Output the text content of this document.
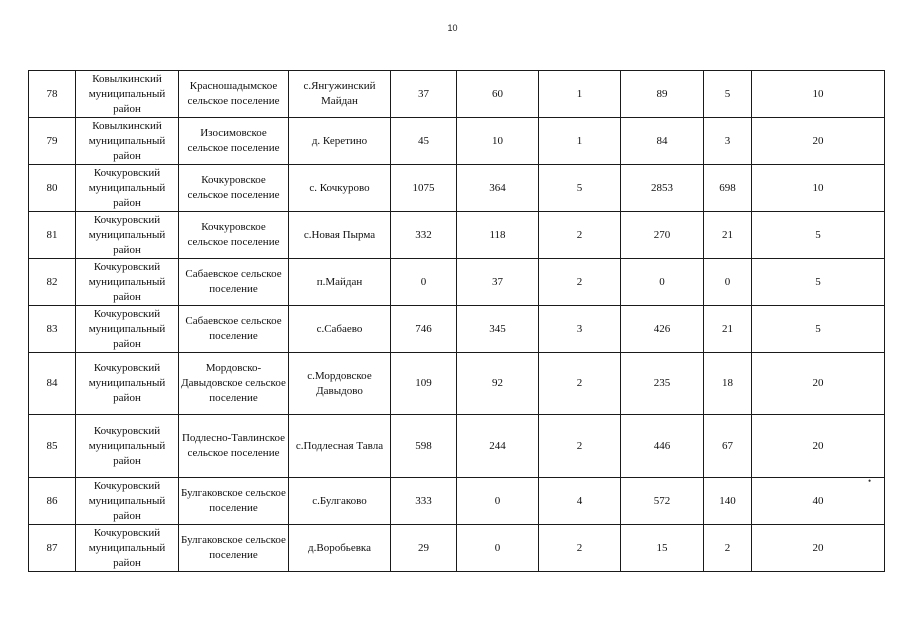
10
78	Ковылкинский муниципальный район	Красношадымское сельское поселение	с.Янгужинский Майдан	37	60	1	89	5	10
79	Ковылкинский муниципальный район	Изосимовское сельское поселение	д. Керетино	45	10	1	84	3	20
80	Кочкуровский муниципальный район	Кочкуровское сельское поселение	с. Кочкурово	1075	364	5	2853	698	10
81	Кочкуровский муниципальный район	Кочкуровское сельское поселение	с.Новая Пырма	332	118	2	270	21	5
82	Кочкуровский муниципальный район	Сабаевское сельское поселение	п.Майдан	0	37	2	0	0	5
83	Кочкуровский муниципальный район	Сабаевское сельское поселение	с.Сабаево	746	345	3	426	21	5
84	Кочкуровский муниципальный район	Мордовско-Давыдовское сельское поселение	с.Мордовское Давыдово	109	92	2	235	18	20
85	Кочкуровский муниципальный район	Подлесно-Тавлинское сельское поселение	с.Подлесная Тавла	598	244	2	446	67	20
86	Кочкуровский муниципальный район	Булгаковское сельское поселение	с.Булгаково	333	0	4	572	140	40
87	Кочкуровский муниципальный район	Булгаковское сельское поселение	д.Воробьевка	29	0	2	15	2	20
•
